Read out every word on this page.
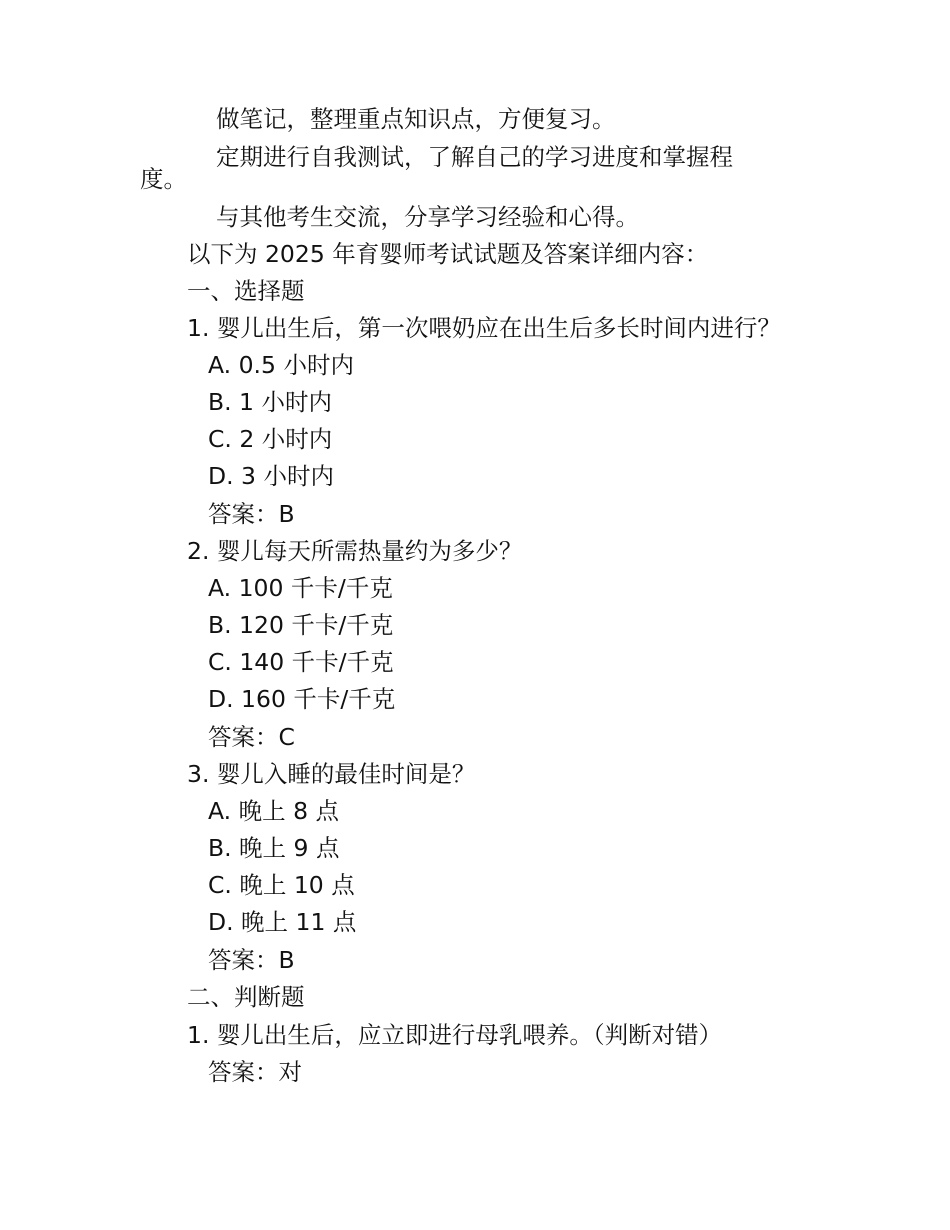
做笔记，整理重点知识点，方便复习。
定期进行自我测试，了解自己的学习进度和掌握程
度。
与其他考生交流，分享学习经验和心得。
以下为 2025 年育婴师考试试题及答案详细内容：
一、选择题
1. 婴儿出生后，第一次喂奶应在出生后多长时间内进行？
A. 0.5 小时内
B. 1 小时内
C. 2 小时内
D. 3 小时内
答案：B
2. 婴儿每天所需热量约为多少？
A. 100 千卡/千克
B. 120 千卡/千克
C. 140 千卡/千克
D. 160 千卡/千克
答案：C
3. 婴儿入睡的最佳时间是？
A. 晚上 8 点
B. 晚上 9 点
C. 晚上 10 点
D. 晚上 11 点
答案：B
二、判断题
1. 婴儿出生后，应立即进行母乳喂养。（判断对错）
答案：对
